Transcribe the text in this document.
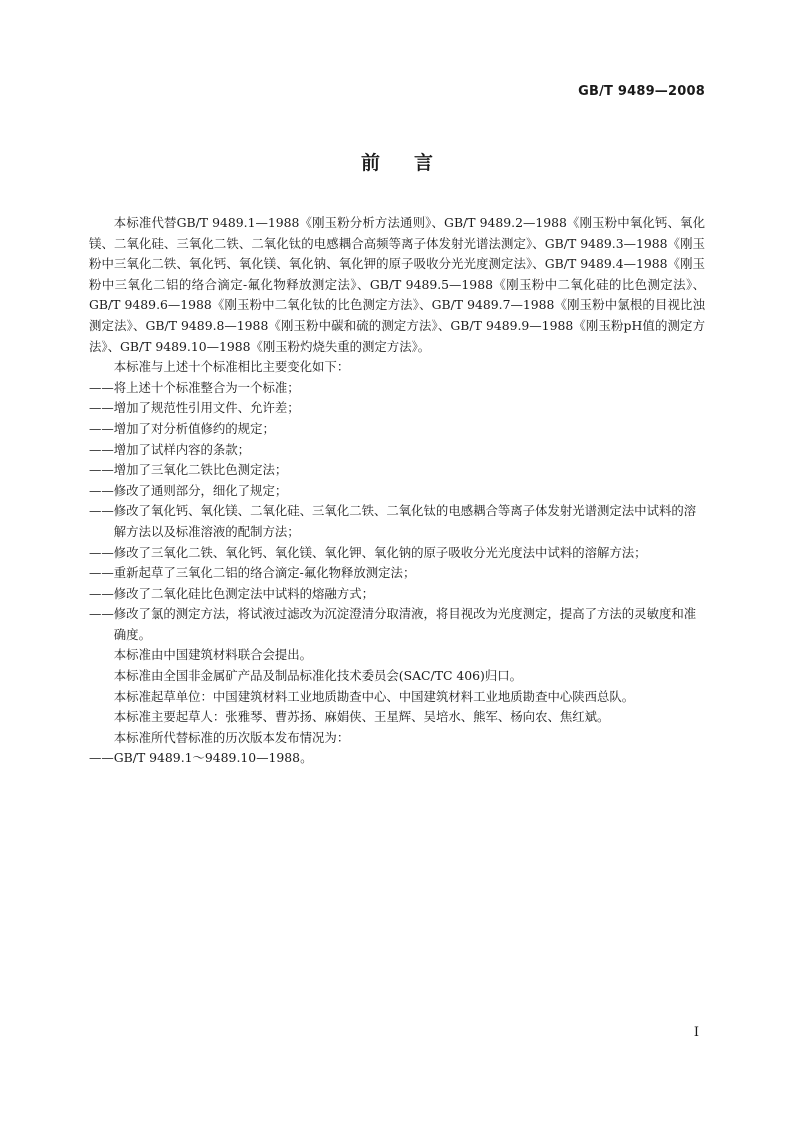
GB/T 9489—2008
前言

本标准代替GB/T 9489.1—1988《刚玉粉分析方法通则》、GB/T 9489.2—1988《刚玉粉中氧化钙、氧化镁、二氧化硅、三氧化二铁、二氧化钛的电感耦合高频等离子体发射光谱法测定》、GB/T 9489.3—1988《刚玉粉中三氧化二铁、氧化钙、氧化镁、氧化钠、氧化钾的原子吸收分光光度测定法》、GB/T 9489.4—1988《刚玉粉中三氧化二铝的络合滴定-氟化物释放测定法》、GB/T 9489.5—1988《刚玉粉中二氧化硅的比色测定法》、GB/T 9489.6—1988《刚玉粉中二氧化钛的比色测定方法》、GB/T 9489.7—1988《刚玉粉中氯根的目视比浊测定法》、GB/T 9489.8—1988《刚玉粉中碳和硫的测定方法》、GB/T 9489.9—1988《刚玉粉pH值的测定方法》、GB/T 9489.10—1988《刚玉粉灼烧失重的测定方法》。

本标准与上述十个标准相比主要变化如下：

——将上述十个标准整合为一个标准；

——增加了规范性引用文件、允许差；

——增加了对分析值修约的规定；

——增加了试样内容的条款；

——增加了三氧化二铁比色测定法；

——修改了通则部分，细化了规定；

——修改了氧化钙、氧化镁、二氧化硅、三氧化二铁、二氧化钛的电感耦合等离子体发射光谱测定法中试料的溶解方法以及标准溶液的配制方法；

——修改了三氧化二铁、氧化钙、氧化镁、氧化钾、氧化钠的原子吸收分光光度法中试料的溶解方法；

——重新起草了三氧化二铝的络合滴定-氟化物释放测定法；

——修改了二氧化硅比色测定法中试料的熔融方式；

——修改了氯的测定方法，将试液过滤改为沉淀澄清分取清液，将目视改为光度测定，提高了方法的灵敏度和准确度。

本标准由中国建筑材料联合会提出。

本标准由全国非金属矿产品及制品标准化技术委员会(SAC/TC 406)归口。

本标准起草单位：中国建筑材料工业地质勘查中心、中国建筑材料工业地质勘查中心陕西总队。

本标准主要起草人：张雅琴、曹苏扬、麻娟侠、王星辉、吴培水、熊军、杨向农、焦红斌。

本标准所代替标准的历次版本发布情况为：

——GB/T 9489.1～9489.10—1988。

I
